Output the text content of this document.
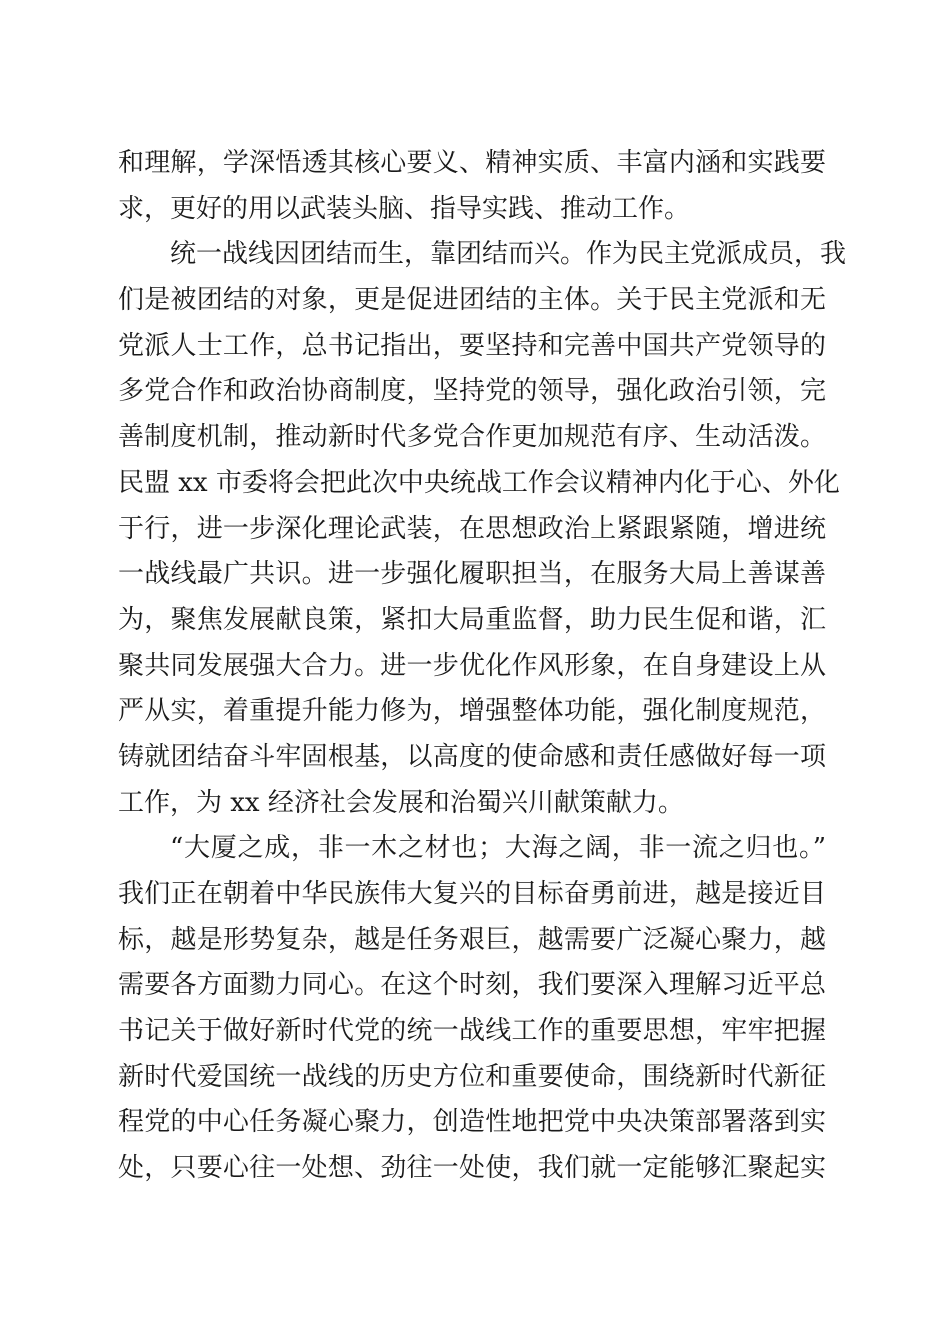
和理解，学深悟透其核心要义、精神实质、丰富内涵和实践要
求，更好的用以武装头脑、指导实践、推动工作。
统一战线因团结而生，靠团结而兴。作为民主党派成员，我
们是被团结的对象，更是促进团结的主体。关于民主党派和无
党派人士工作，总书记指出，要坚持和完善中国共产党领导的
多党合作和政治协商制度，坚持党的领导，强化政治引领，完
善制度机制，推动新时代多党合作更加规范有序、生动活泼。
民盟 xx 市委将会把此次中央统战工作会议精神内化于心、外化
于行，进一步深化理论武装，在思想政治上紧跟紧随，增进统
一战线最广共识。进一步强化履职担当，在服务大局上善谋善
为，聚焦发展献良策，紧扣大局重监督，助力民生促和谐，汇
聚共同发展强大合力。进一步优化作风形象，在自身建设上从
严从实，着重提升能力修为，增强整体功能，强化制度规范，
铸就团结奋斗牢固根基，以高度的使命感和责任感做好每一项
工作，为 xx 经济社会发展和治蜀兴川献策献力。
“大厦之成，非一木之材也；大海之阔，非一流之归也。”
我们正在朝着中华民族伟大复兴的目标奋勇前进，越是接近目
标，越是形势复杂，越是任务艰巨，越需要广泛凝心聚力，越
需要各方面勠力同心。在这个时刻，我们要深入理解习近平总
书记关于做好新时代党的统一战线工作的重要思想，牢牢把握
新时代爱国统一战线的历史方位和重要使命，围绕新时代新征
程党的中心任务凝心聚力，创造性地把党中央决策部署落到实
处，只要心往一处想、劲往一处使，我们就一定能够汇聚起实
